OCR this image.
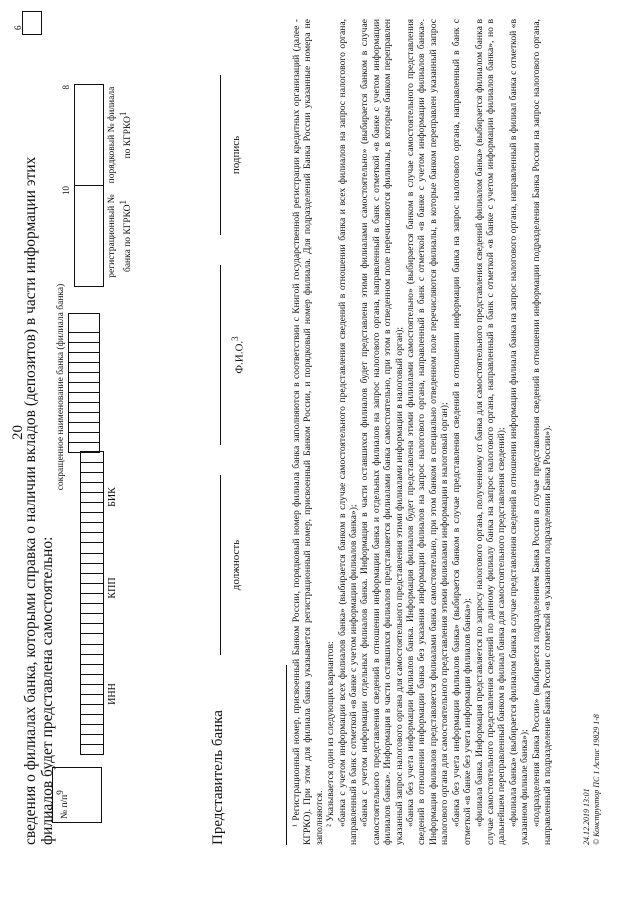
20
сведения о филиалах банка, которыми справка о наличии вкладов (депозитов) в части информации этих филиалов будет представлена самостоятельно:
6
№ п/п9
ИНН
КПП
БИК
сокращенное наименование банка (филиала банка)
10
регистрационный № банка по КГРКО1
8	порядковый № филиала по КГРКО1
Представитель банка
должность
Ф.И.О.$^3$
подпись	¹ Регистрационный номер, присвоенный Банком России, порядковый номер филиала банка заполняются в соответствии с Книгой государственной регистрации кредитных организаций (далее - КГРКО). При этом для филиала банка указывается регистрационный номер, присвоенный Банком России, и порядковый номер филиала. Для подразделений Банка России указанные номера не заполняются. ² Указывается один из следующих вариантов: «банка с учетом информации всех филиалов банка» (выбирается банком в случае самостоятельного представления сведений в отношении банка и всех филиалов на запрос налогового органа, направленный в банк с отметкой «в банке с учетом информации филиалов банка»); «банка с учетом информации отдельных филиалов банка. Информация в части оставшихся филиалов будет представлена этими филиалами самостоятельно» (выбирается банком в случае самостоятельного представления сведений в отношении информации банка и отдельных филиалов на запрос налогового органа, направленный в банк с отметкой «в банке с учетом информации филиалов банка». Информация в части оставшихся филиалов представляется филиалами банка самостоятельно, при этом в отведенном поле перечисляются филиалы, в которые банком переправлен указанный запрос налогового органа для самостоятельного представления этими филиалами информации в налоговый орган); «банка без учета информации филиалов банка. Информация филиалов будет представлена этими филиалами самостоятельно» (выбирается банком в случае самостоятельного представления сведений в отношении информации банка без указания информации филиалов на запрос налогового органа, направленный в банк с отметкой «в банке с учетом информации филиалов банка». Информация филиалов представляется филиалами банка самостоятельно, при этом банком в специально отведенном поле перечисляются филиалы, в которые банком переправлен указанный запрос налогового органа для самостоятельного представления этими филиалами информации в налоговый орган); «банка без учета информации филиалов банка» (выбирается банком в случае представления сведений в отношении информации банка на запрос налогового органа, направленный в банк с отметкой «в банке без учета информации филиалов банка»); «филиала банка. Информация представляется по запросу налогового органа, полученному от банка для самостоятельного представления сведений филиалом банка» (выбирается филиалом банка в случае самостоятельного представления сведений по данному филиалу банка на запрос налогового органа, направленный в банк с отметкой «в банке с учетом информации филиалов банка», но в дальнейшем переправленный банком в филиал банка для самостоятельного представления сведений); «филиала банка» (выбирается филиалом банка в случае представления сведений в отношении информации филиала банка на запрос налогового органа, направленный в филиал банка с отметкой «в указанном филиале банка»); «подразделения Банка России» (выбирается подразделением Банка России в случае представления сведений в отношении информации подразделения Банка России на запрос налогового органа, направленный в подразделение Банка России с отметкой «в указанном подразделении Банка России»).	24.12.2019 13:01 © Конструктор ПС 1 Аспис 19829 1-8
